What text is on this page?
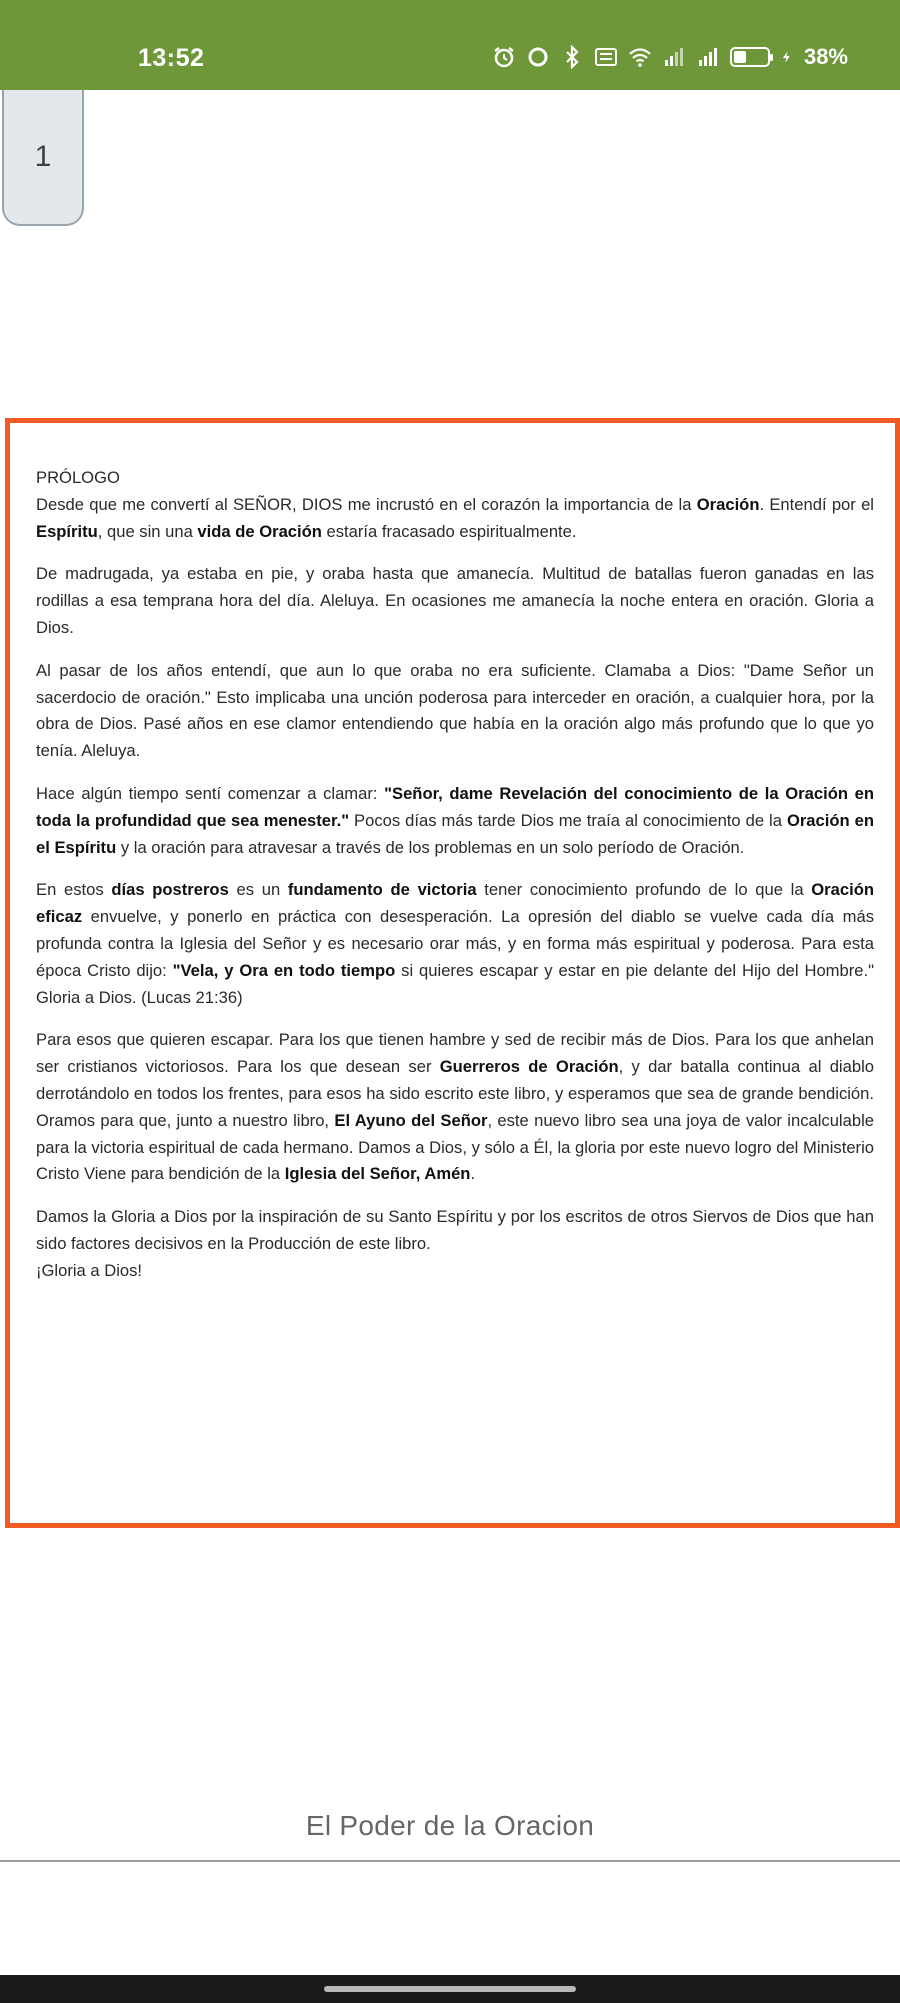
13:52	38%
1
PRÓLOGO

Desde que me convertí al SEÑOR, DIOS me incrustó en el corazón la importancia de la Oración. Entendí por el Espíritu, que sin una vida de Oración estaría fracasado espiritualmente.

De madrugada, ya estaba en pie, y oraba hasta que amanecía. Multitud de batallas fueron ganadas en las rodillas a esa temprana hora del día. Aleluya. En ocasiones me amanecía la noche entera en oración. Gloria a Dios.

Al pasar de los años entendí, que aun lo que oraba no era suficiente. Clamaba a Dios: "Dame Señor un sacerdocio de oración." Esto implicaba una unción poderosa para interceder en oración, a cualquier hora, por la obra de Dios. Pasé años en ese clamor entendiendo que había en la oración algo más profundo que lo que yo tenía. Aleluya.

Hace algún tiempo sentí comenzar a clamar: "Señor, dame Revelación del conocimiento de la Oración en toda la profundidad que sea menester." Pocos días más tarde Dios me traía al conocimiento de la Oración en el Espíritu y la oración para atravesar a través de los problemas en un solo período de Oración.

En estos días postreros es un fundamento de victoria tener conocimiento profundo de lo que la Oración eficaz envuelve, y ponerlo en práctica con desesperación. La opresión del diablo se vuelve cada día más profunda contra la Iglesia del Señor y es necesario orar más, y en forma más espiritual y poderosa. Para esta época Cristo dijo: "Vela, y Ora en todo tiempo si quieres escapar y estar en pie delante del Hijo del Hombre." Gloria a Dios. (Lucas 21:36)

Para esos que quieren escapar. Para los que tienen hambre y sed de recibir más de Dios. Para los que anhelan ser cristianos victoriosos. Para los que desean ser Guerreros de Oración, y dar batalla continua al diablo derrotándolo en todos los frentes, para esos ha sido escrito este libro, y esperamos que sea de grande bendición. Oramos para que, junto a nuestro libro, El Ayuno del Señor, este nuevo libro sea una joya de valor incalculable para la victoria espiritual de cada hermano. Damos a Dios, y sólo a Él, la gloria por este nuevo logro del Ministerio Cristo Viene para bendición de la Iglesia del Señor, Amén.

Damos la Gloria a Dios por la inspiración de su Santo Espíritu y por los escritos de otros Siervos de Dios que han sido factores decisivos en la Producción de este libro.
¡Gloria a Dios!

El Poder de la Oracion
